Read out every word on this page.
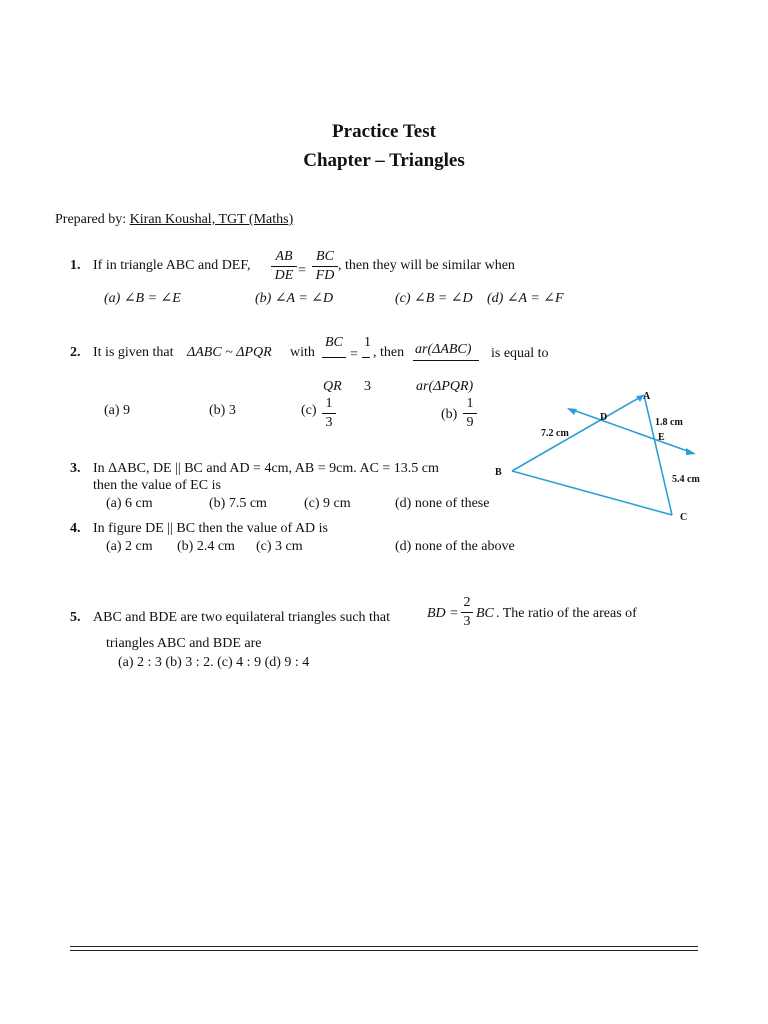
Practice Test
Chapter – Triangles
Prepared by: Kiran Koushal, TGT (Maths)
1. If in triangle ABC and DEF,
AB
DE =
BC
FD
, then they will be similar when
(a) ∠B = ∠E	(b) ∠A = ∠D	(c) ∠B = ∠D (d) ∠A = ∠F
2. It is given that ΔABC ~ ΔPQR with
BC
=
1
, then ar(ΔABC) is equal to
QR 3	ar(ΔPQR)
(a) 9	(b) 3	(c) 1
3
(b)
1
9
3. In ΔABC, DE || BC and AD = 4cm, AB = 9cm. AC = 13.5 cm
then the value of EC is
(a) 6 cm	(b) 7.5 cm	(c) 9 cm	(d) none of these
4. In figure DE || BC then the value of AD is
(a) 2 cm (b) 2.4 cm (c) 3 cm	(d) none of the above
A
B
C
D
E
7.2 cm
1.8 cm
5.4 cm
5. ABC and BDE are two equilateral triangles such that	BD =
2
3
BC . The ratio of the areas of
triangles ABC and BDE are
(a) 2 : 3 (b) 3 : 2. (c) 4 : 9 (d) 9 : 4
